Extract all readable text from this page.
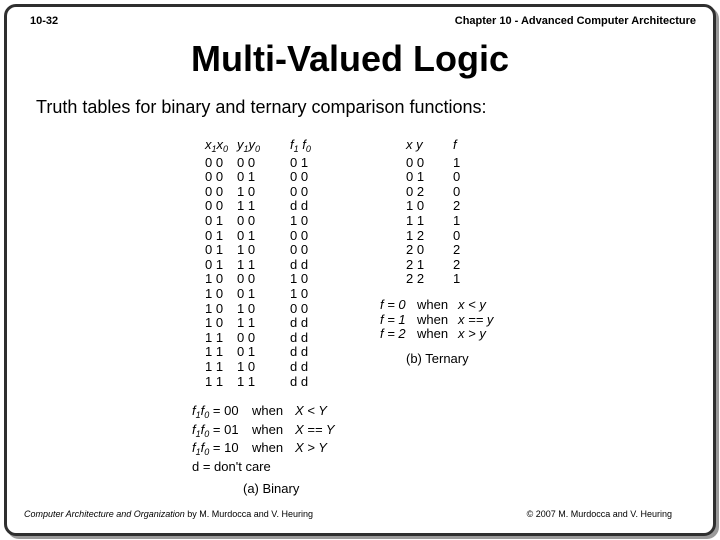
10-32	Chapter 10 - Advanced Computer Architecture
Multi-Valued Logic
Truth tables for binary and ternary comparison functions:
$x_1x_0$ $y_1y_0$	$f_1$ $f_0$
0 0	0 0	0 1
0 0	0 1	0 0
0 0	1 0	0 0
0 0	1 1	d d
0 1	0 0	1 0
0 1	0 1	0 0
0 1	1 0	0 0
0 1	1 1	d d
1 0	0 0	1 0
1 0	0 1	1 0
1 0	1 0	0 0
1 0	1 1	d d
1 1	0 0	d d
1 1	0 1	d d
1 1	1 0	d d
1 1	1 1	d d
$f_1f_0 = 00$	when X < Y
$f_1f_0 = 01$	when X == Y
$f_1f_0 = 10$	when X > Y
d = don't care
(a) Binary
x y	f
0 0	1
0 1	0
0 2	0
1 0	2
1 1	1
1 2	0
2 0	2
2 1	2
2 2	1
f = 0 when x < y
f = 1 when x == y
f = 2 when x > y
(b) Ternary
Computer Architecture and Organization by M. Murdocca and V. Heuring	© 2007 M. Murdocca and V. Heuring
